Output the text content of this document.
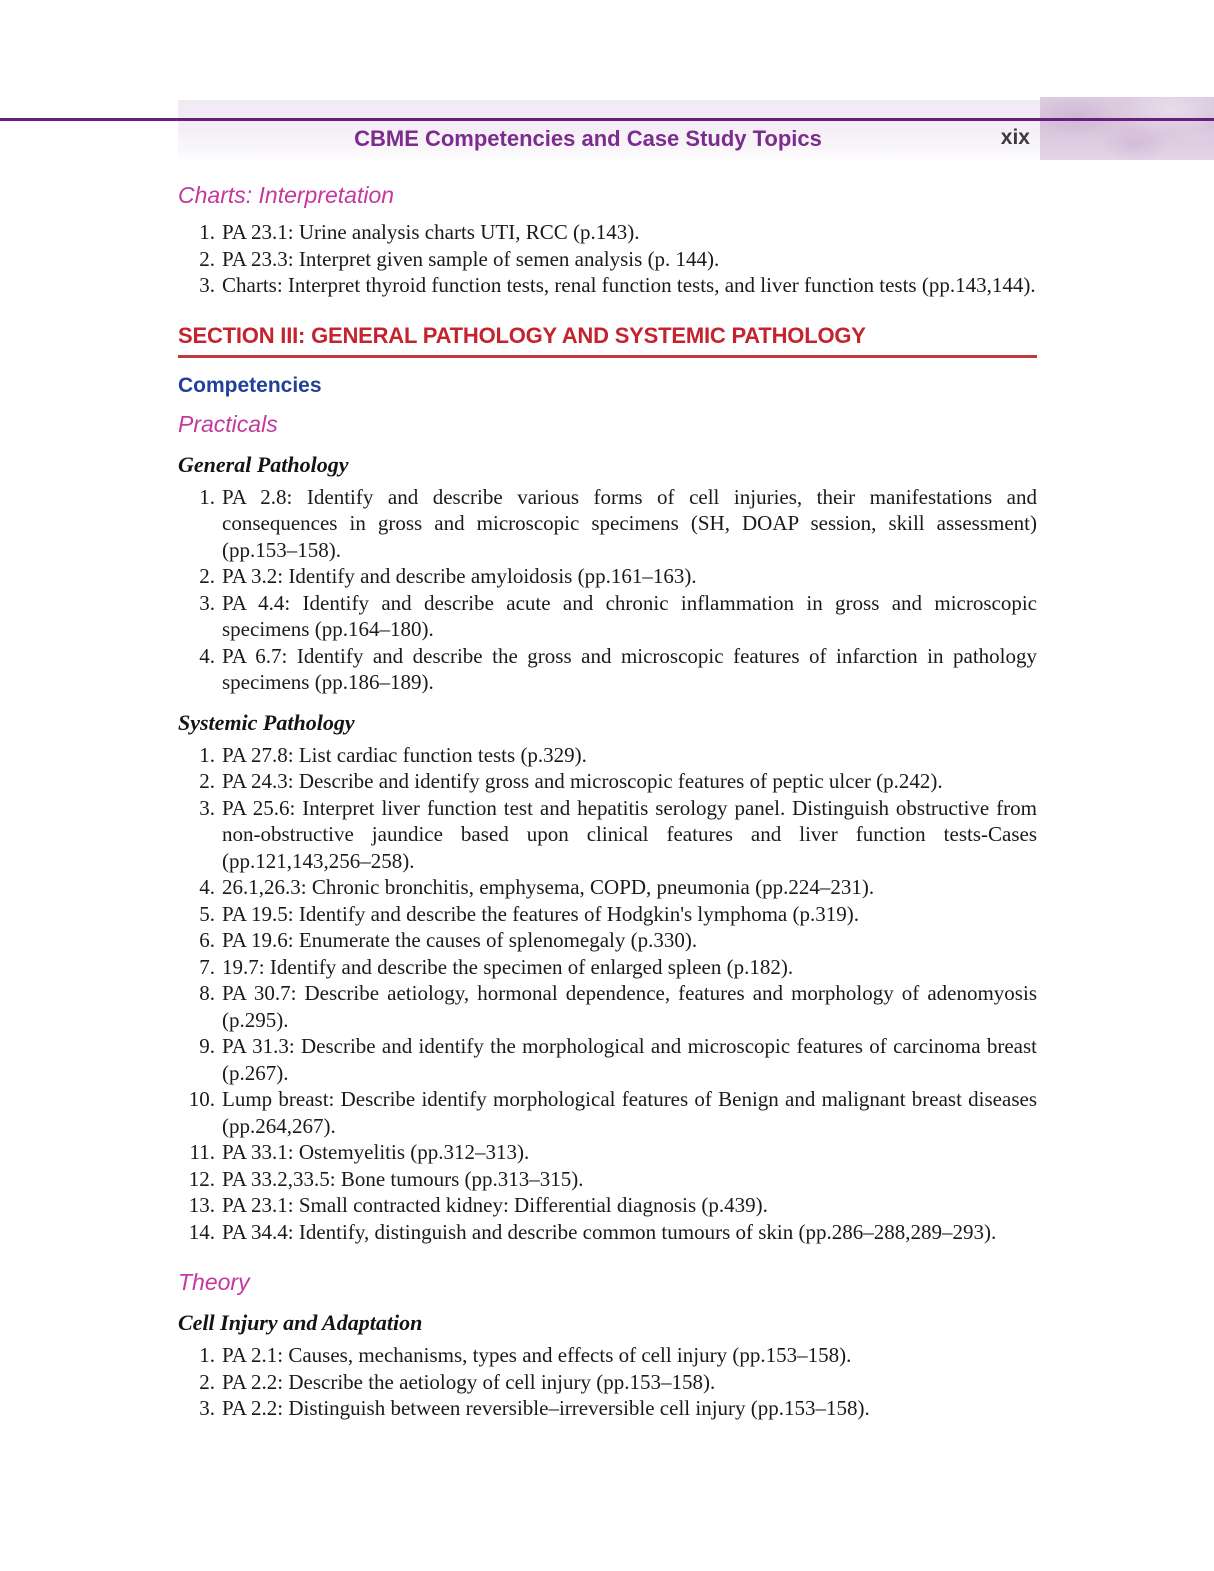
CBME Competencies and Case Study Topics	xix
Charts: Interpretation
1. PA 23.1: Urine analysis charts UTI, RCC (p.143).
2. PA 23.3: Interpret given sample of semen analysis (p. 144).
3. Charts: Interpret thyroid function tests, renal function tests, and liver function tests (pp.143,144).
SECTION III: GENERAL PATHOLOGY AND SYSTEMIC PATHOLOGY
Competencies
Practicals
General Pathology
1. PA 2.8: Identify and describe various forms of cell injuries, their manifestations and consequences in gross and microscopic specimens (SH, DOAP session, skill assessment) (pp.153–158).
2. PA 3.2: Identify and describe amyloidosis (pp.161–163).
3. PA 4.4: Identify and describe acute and chronic inflammation in gross and microscopic specimens (pp.164–180).
4. PA 6.7: Identify and describe the gross and microscopic features of infarction in pathology specimens (pp.186–189).
Systemic Pathology
1. PA 27.8: List cardiac function tests (p.329).
2. PA 24.3: Describe and identify gross and microscopic features of peptic ulcer (p.242).
3. PA 25.6: Interpret liver function test and hepatitis serology panel. Distinguish obstructive from non-obstructive jaundice based upon clinical features and liver function tests-Cases (pp.121,143,256–258).
4. 26.1,26.3: Chronic bronchitis, emphysema, COPD, pneumonia (pp.224–231).
5. PA 19.5: Identify and describe the features of Hodgkin's lymphoma (p.319).
6. PA 19.6: Enumerate the causes of splenomegaly (p.330).
7. 19.7: Identify and describe the specimen of enlarged spleen (p.182).
8. PA 30.7: Describe aetiology, hormonal dependence, features and morphology of adenomyosis (p.295).
9. PA 31.3: Describe and identify the morphological and microscopic features of carcinoma breast (p.267).
10. Lump breast: Describe identify morphological features of Benign and malignant breast diseases (pp.264,267).
11. PA 33.1: Ostemyelitis (pp.312–313).
12. PA 33.2,33.5: Bone tumours (pp.313–315).
13. PA 23.1: Small contracted kidney: Differential diagnosis (p.439).
14. PA 34.4: Identify, distinguish and describe common tumours of skin (pp.286–288,289–293).
Theory
Cell Injury and Adaptation
1. PA 2.1: Causes, mechanisms, types and effects of cell injury (pp.153–158).
2. PA 2.2: Describe the aetiology of cell injury (pp.153–158).
3. PA 2.2: Distinguish between reversible–irreversible cell injury (pp.153–158).
